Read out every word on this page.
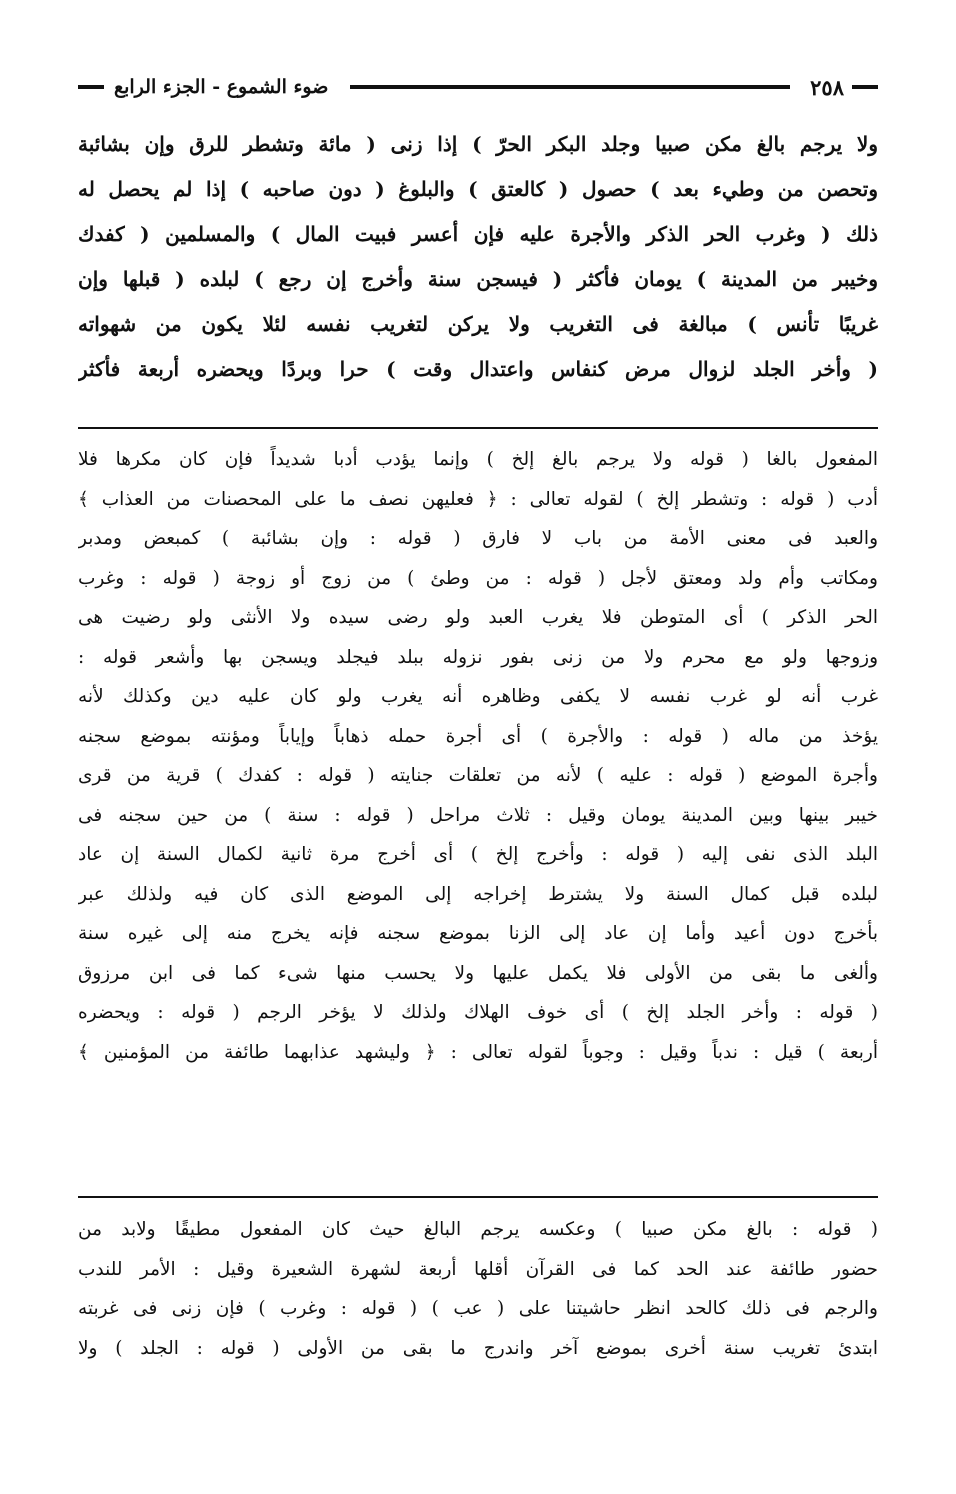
٢٥٨
ضوء الشموع - الجزء الرابع

ولا يرجم بالغ مكن صبيا وجلد البكر الحرّ ) إذا زنى ( مائة وتشطر للرق وإن بشائبة

وتحصن من وطيء بعد ) حصول ( كالعتق ) والبلوغ ( دون صاحبه ) إذا لم يحصل له

ذلك ( وغرب الحر الذكر والأجرة عليه فإن أعسر فبيت المال ) والمسلمين ( كفدك

وخيبر من المدينة ) يومان فأكثر ( فيسجن سنة وأخرج إن رجع ) لبلده ( قبلها وإن

غريبًا تأنس ) مبالغة فى التغريب ولا يركن لتغريب نفسه لئلا يكون من شهواته

( وأخر الجلد لزوال مرض كنفاس واعتدال وقت ) حرا وبردًا ويحضره أربعة فأكثر

المفعول بالغا ( قوله ولا يرجم بالغ إلخ ) وإنما يؤدب أدبا شديداً فإن كان مكرها فلا

أدب ( قوله : وتشطر إلخ ) لقوله تعالى : ﴿ فعليهن نصف ما على المحصنات من العذاب ﴾

والعبد فى معنى الأمة من باب لا فارق ( قوله : وإن بشائبة ) كمبعض ومدبر

ومكاتب وأم ولد ومعتق لأجل ( قوله : من وطئ ) من زوج أو زوجة ( قوله : وغرب

الحر الذكر ) أى المتوطن فلا يغرب العبد ولو رضى سيده ولا الأنثى ولو رضيت هى

وزوجها ولو مع محرم ولا من زنى بفور نزوله ببلد فيجلد ويسجن بها وأشعر قوله :

غرب أنه لو غرب نفسه لا يكفى وظاهره أنه يغرب ولو كان عليه دين وكذلك لأنه

يؤخذ من ماله ( قوله : والأجرة ) أى أجرة حمله ذهاباً وإياباً ومؤنته بموضع سجنه

وأجرة الموضع ( قوله : عليه ) لأنه من تعلقات جنايته ( قوله : كفدك ) قرية من قرى

خيبر بينها وبين المدينة يومان وقيل : ثلاث مراحل ( قوله : سنة ) من حين سجنه فى

البلد الذى نفى إليه ( قوله : وأخرج إلخ ) أى أخرج مرة ثانية لكمال السنة إن عاد

لبلده قبل كمال السنة ولا يشترط إخراجه إلى الموضع الذى كان فيه ولذلك عبر

بأخرج دون أعيد وأما إن عاد إلى الزنا بموضع سجنه فإنه يخرج منه إلى غيره سنة

وألغى ما بقى من الأولى فلا يكمل عليها ولا يحسب منها شىء كما فى ابن مرزوق

( قوله : وأخر الجلد إلخ ) أى خوف الهلاك ولذلك لا يؤخر الرجم ( قوله : ويحضره

أربعة ) قيل : ندباً وقيل : وجوباً لقوله تعالى : ﴿ وليشهد عذابهما طائفة من المؤمنين ﴾

( قوله : بالغ مكن صبيا ) وعكسه يرجم البالغ حيث كان المفعول مطيقًا ولابد من

حضور طائفة عند الحد كما فى القرآن أقلها أربعة لشهرة الشعيرة وقيل : الأمر للندب

والرجم فى ذلك كالحد انظر حاشيتنا على ( عب ) ( قوله : وغرب ) فإن زنى فى غربته

ابتدئ تغريب سنة أخرى بموضع آخر واندرج ما بقى من الأولى ( قوله : الجلد ) ولا
